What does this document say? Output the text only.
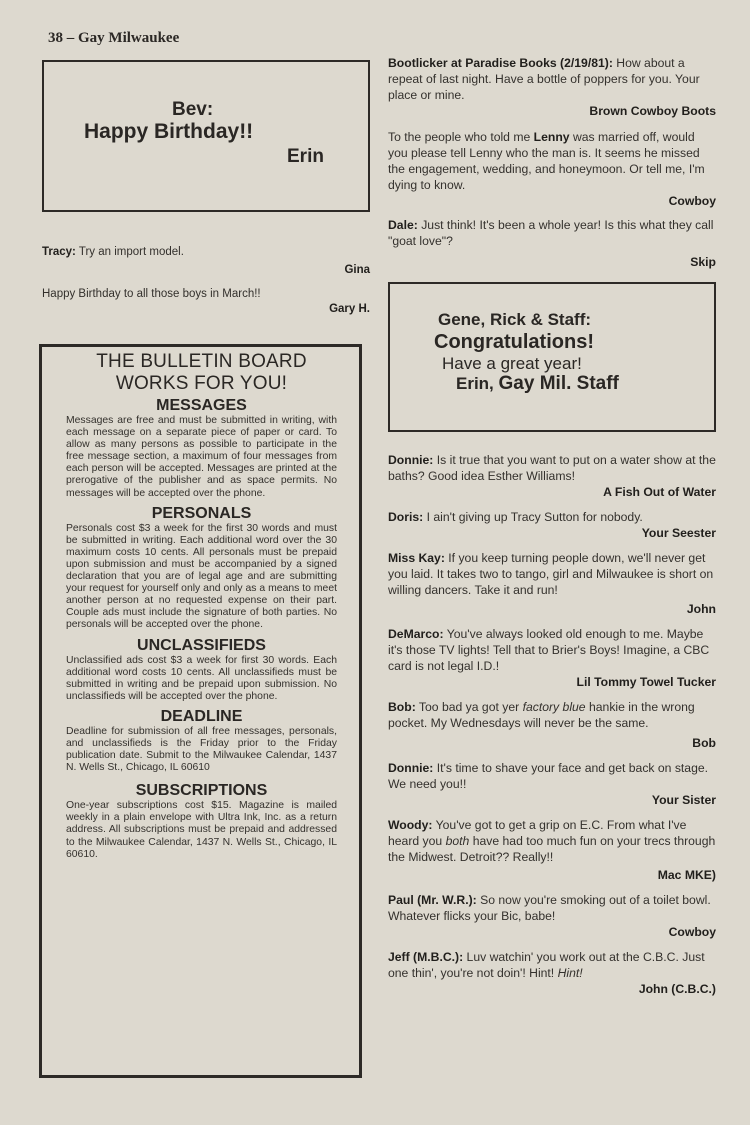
38 – Gay Milwaukee
Bev:
Happy Birthday!!
Erin

Tracy: Try an import model.

Gina

Happy Birthday to all those boys in March!!

Gary H.
THE BULLETIN BOARD
WORKS FOR YOU!
MESSAGES

Messages are free and must be submitted in writing, with each message on a separate piece of paper or card. To allow as many persons as possible to participate in the free message section, a maximum of four messages from each person will be accepted. Messages are printed at the prerogative of the publisher and as space permits. No messages will be accepted over the phone.

PERSONALS

Personals cost $3 a week for the first 30 words and must be submitted in writing. Each additional word over the 30 maximum costs 10 cents. All personals must be prepaid upon submission and must be accompanied by a signed declaration that you are of legal age and are submitting your request for yourself only and only as a means to meet another person at no requested expense on their part. Couple ads must include the signature of both parties. No personals will be accepted over the phone.

UNCLASSIFIEDS

Unclassified ads cost $3 a week for first 30 words. Each additional word costs 10 cents. All unclassifieds must be submitted in writing and be prepaid upon submission. No unclassifieds will be accepted over the phone.

DEADLINE

Deadline for submission of all free messages, personals, and unclassifieds is the Friday prior to the Friday publication date. Submit to the Milwaukee Calendar, 1437 N. Wells St., Chicago, IL 60610

SUBSCRIPTIONS

One-year subscriptions cost $15. Magazine is mailed weekly in a plain envelope with Ultra Ink, Inc. as a return address. All subscriptions must be prepaid and addressed to the Milwaukee Calendar, 1437 N. Wells St., Chicago, IL 60610.

Bootlicker at Paradise Books (2/19/81): How about a repeat of last night. Have a bottle of poppers for you. Your place or mine.

Brown Cowboy Boots

To the people who told me Lenny was married off, would you please tell Lenny who the man is. It seems he missed the engagement, wedding, and honeymoon. Or tell me, I'm dying to know.

Cowboy

Dale: Just think! It's been a whole year! Is this what they call "goat love"?

Skip
Gene, Rick & Staff:
Congratulations!
Have a great year!
Erin, Gay Mil. Staff

Donnie: Is it true that you want to put on a water show at the baths? Good idea Esther Williams!

A Fish Out of Water

Doris: I ain't giving up Tracy Sutton for nobody.

Your Seester

Miss Kay: If you keep turning people down, we'll never get you laid. It takes two to tango, girl and Milwaukee is short on willing dancers. Take it and run!

John

DeMarco: You've always looked old enough to me. Maybe it's those TV lights! Tell that to Brier's Boys! Imagine, a CBC card is not legal I.D.!

Lil Tommy Towel Tucker

Bob: Too bad ya got yer factory blue hankie in the wrong pocket. My Wednesdays will never be the same.

Bob

Donnie: It's time to shave your face and get back on stage. We need you!!

Your Sister

Woody: You've got to get a grip on E.C. From what I've heard you both have had too much fun on your trecs through the Midwest. Detroit?? Really!!

Mac MKE)

Paul (Mr. W.R.): So now you're smoking out of a toilet bowl. Whatever flicks your Bic, babe!

Cowboy

Jeff (M.B.C.): Luv watchin' you work out at the C.B.C. Just one thin', you're not doin'! Hint! Hint!

John (C.B.C.)
